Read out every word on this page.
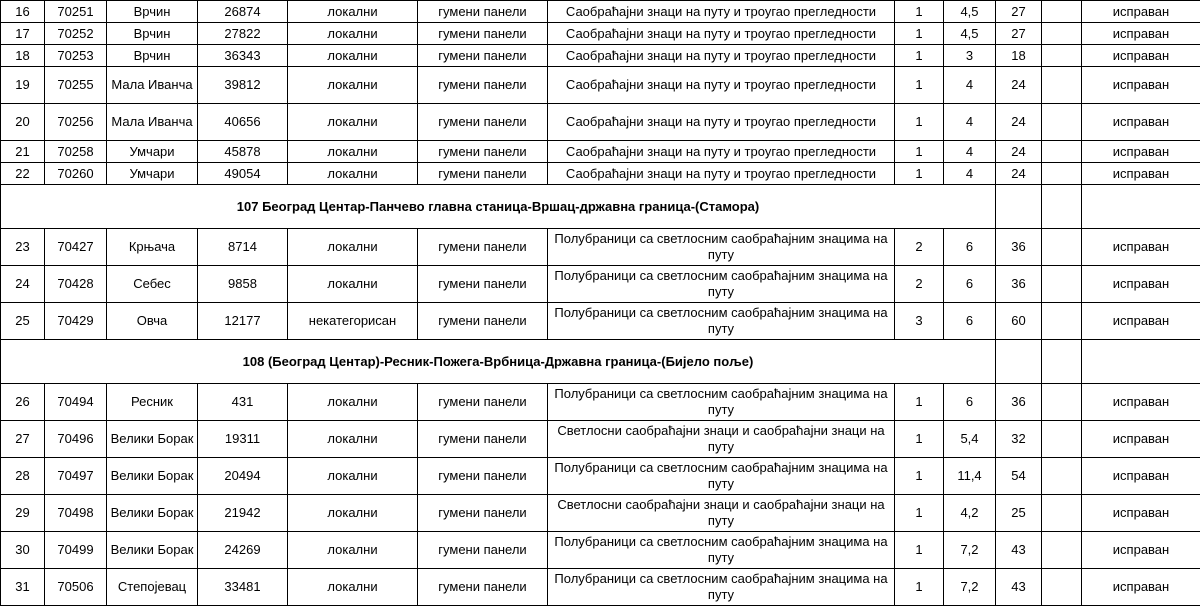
16	70251	Врчин	26874	локални	гумени панели	Саобраћајни знаци на путу и троугао прегледности	1	4,5	27		исправан
17	70252	Врчин	27822	локални	гумени панели	Саобраћајни знаци на путу и троугао прегледности	1	4,5	27		исправан
18	70253	Врчин	36343	локални	гумени панели	Саобраћајни знаци на путу и троугао прегледности	1	3	18		исправан
19	70255	Мала Иванча	39812	локални	гумени панели	Саобраћајни знаци на путу и троугао прегледности	1	4	24		исправан
20	70256	Мала Иванча	40656	локални	гумени панели	Саобраћајни знаци на путу и троугао прегледности	1	4	24		исправан
21	70258	Умчари	45878	локални	гумени панели	Саобраћајни знаци на путу и троугао прегледности	1	4	24		исправан
22	70260	Умчари	49054	локални	гумени панели	Саобраћајни знаци на путу и троугао прегледности	1	4	24		исправан
107 Београд Центар-Панчево главна станица-Вршац-државна граница-(Стамора)											
23	70427	Крњача	8714	локални	гумени панели	Полубраници са светлосним саобраћајним знацима на путу	2	6	36		исправан
24	70428	Себес	9858	локални	гумени панели	Полубраници са светлосним саобраћајним знацима на путу	2	6	36		исправан
25	70429	Овча	12177	некатегорисан	гумени панели	Полубраници са светлосним саобраћајним знацима на путу	3	6	60		исправан
108 (Београд Центар)-Ресник-Пожега-Врбница-Државна граница-(Бијело поље)											
26	70494	Ресник	431	локални	гумени панели	Полубраници са светлосним саобраћајним знацима на путу	1	6	36		исправан
27	70496	Велики Борак	19311	локални	гумени панели	Светлосни саобраћајни знаци и саобраћајни знаци на путу	1	5,4	32		исправан
28	70497	Велики Борак	20494	локални	гумени панели	Полубраници са светлосним саобраћајним знацима на путу	1	11,4	54		исправан
29	70498	Велики Борак	21942	локални	гумени панели	Светлосни саобраћајни знаци и саобраћајни знаци на путу	1	4,2	25		исправан
30	70499	Велики Борак	24269	локални	гумени панели	Полубраници са светлосним саобраћајним знацима на путу	1	7,2	43		исправан
31	70506	Степојевац	33481	локални	гумени панели	Полубраници са светлосним саобраћајним знацима на путу	1	7,2	43		исправан
